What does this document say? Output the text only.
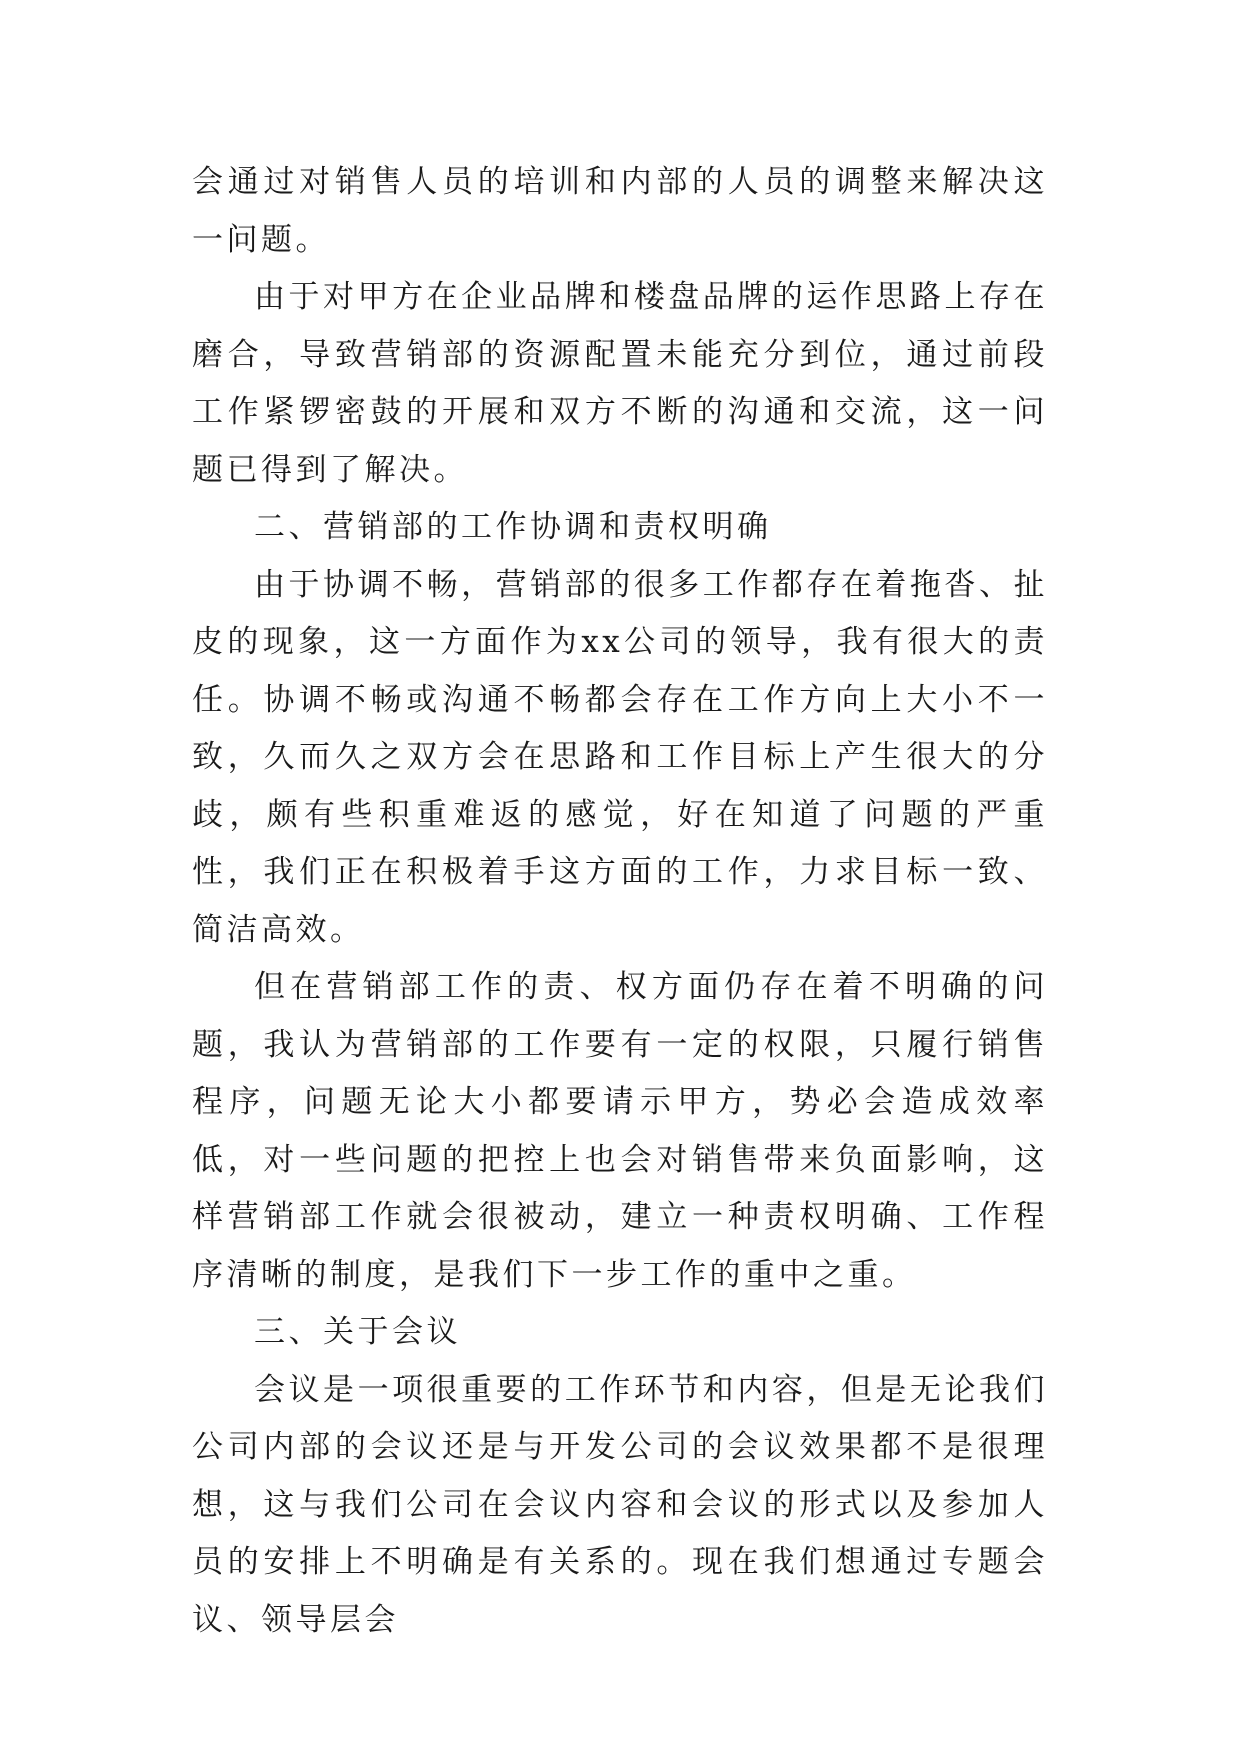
会通过对销售人员的培训和内部的人员的调整来解决这一问题。

由于对甲方在企业品牌和楼盘品牌的运作思路上存在磨合，导致营销部的资源配置未能充分到位，通过前段工作紧锣密鼓的开展和双方不断的沟通和交流，这一问题已得到了解决。

二、营销部的工作协调和责权明确

由于协调不畅，营销部的很多工作都存在着拖沓、扯皮的现象，这一方面作为xx公司的领导，我有很大的责任。协调不畅或沟通不畅都会存在工作方向上大小不一致，久而久之双方会在思路和工作目标上产生很大的分歧，颇有些积重难返的感觉，好在知道了问题的严重性，我们正在积极着手这方面的工作，力求目标一致、简洁高效。

但在营销部工作的责、权方面仍存在着不明确的问题，我认为营销部的工作要有一定的权限，只履行销售程序，问题无论大小都要请示甲方，势必会造成效率低，对一些问题的把控上也会对销售带来负面影响，这样营销部工作就会很被动，建立一种责权明确、工作程序清晰的制度，是我们下一步工作的重中之重。

三、关于会议

会议是一项很重要的工作环节和内容，但是无论我们公司内部的会议还是与开发公司的会议效果都不是很理想，这与我们公司在会议内容和会议的形式以及参加人员的安排上不明确是有关系的。现在我们想通过专题会议、领导层会
